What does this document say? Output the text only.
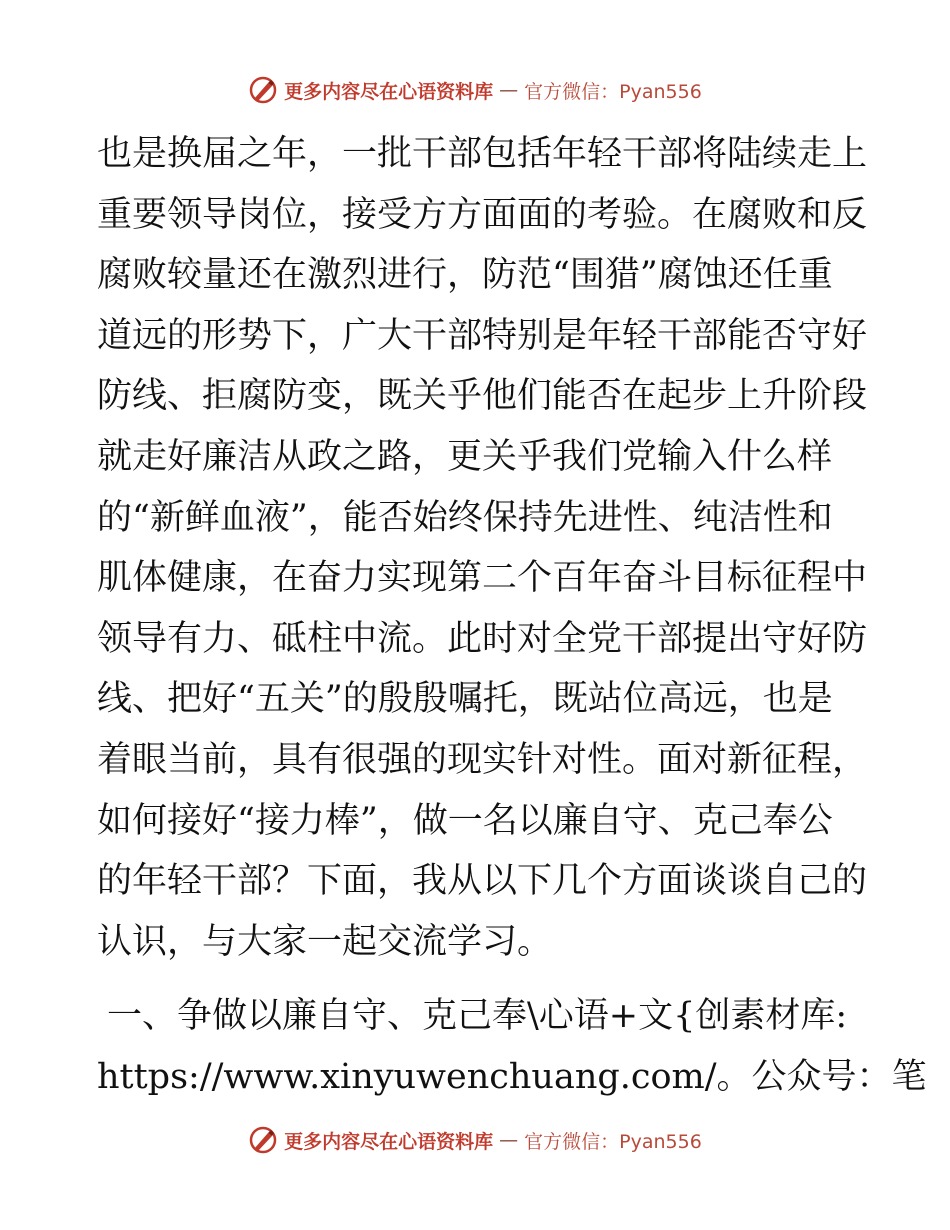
更多内容尽在心语资料库 — 官方微信：Pyan556
也是换届之年，一批干部包括年轻干部将陆续走上
重要领导岗位，接受方方面面的考验。在腐败和反
腐败较量还在激烈进行，防范“围猎”腐蚀还任重
道远的形势下，广大干部特别是年轻干部能否守好
防线、拒腐防变，既关乎他们能否在起步上升阶段
就走好廉洁从政之路，更关乎我们党输入什么样
的“新鲜血液”，能否始终保持先进性、纯洁性和
肌体健康，在奋力实现第二个百年奋斗目标征程中
领导有力、砥柱中流。此时对全党干部提出守好防
线、把好“五关”的殷殷嘱托，既站位高远，也是
着眼当前，具有很强的现实针对性。面对新征程，
如何接好“接力棒”，做一名以廉自守、克己奉公
的年轻干部？下面，我从以下几个方面谈谈自己的
认识，与大家一起交流学习。
一、争做以廉自守、克己奉\心语+文{创素材库:
https://www.xinyuwenchuang.com/。公众号：笔
更多内容尽在心语资料库 — 官方微信：Pyan556
